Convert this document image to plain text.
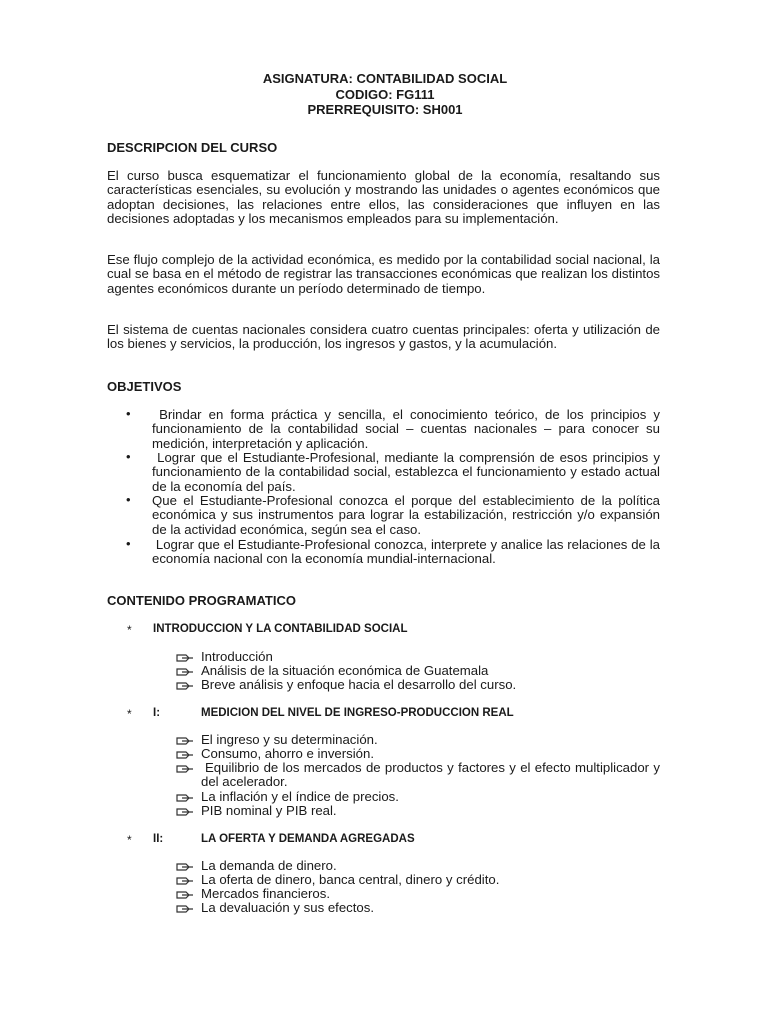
ASIGNATURA: CONTABILIDAD SOCIAL
CODIGO: FG111
PRERREQUISITO: SH001
DESCRIPCION DEL CURSO
El curso busca esquematizar el funcionamiento global de la economía, resaltando sus características esenciales, su evolución y mostrando las unidades o agentes económicos que adoptan decisiones, las relaciones entre ellos, las consideraciones que influyen en las decisiones adoptadas y los mecanismos empleados para su implementación.
Ese flujo complejo de la actividad económica, es medido por la contabilidad social nacional, la cual se basa en el método de registrar las transacciones económicas que realizan los distintos agentes económicos durante un período determinado de tiempo.
El sistema de cuentas nacionales considera cuatro cuentas principales: oferta y utilización de los bienes y servicios, la producción, los ingresos y gastos, y la acumulación.
OBJETIVOS
•	Brindar en forma práctica y sencilla, el conocimiento teórico, de los principios y funcionamiento de la contabilidad social – cuentas nacionales – para conocer su medición, interpretación y aplicación.
•	Lograr que el Estudiante-Profesional, mediante la comprensión de esos principios y funcionamiento de la contabilidad social, establezca el funcionamiento y estado actual de la economía del país.
• Que el Estudiante-Profesional conozca el porque del establecimiento de la política económica y sus instrumentos para lograr la estabilización, restricción y/o expansión de la actividad económica, según sea el caso.
• Lograr que el Estudiante-Profesional conozca, interprete y analice las relaciones de la economía nacional con la economía mundial-internacional.
CONTENIDO PROGRAMATICO
* INTRODUCCION Y LA CONTABILIDAD SOCIAL
Introducción
Análisis de la situación económica de Guatemala
Breve análisis y enfoque hacia el desarrollo del curso.
* I:	MEDICION DEL NIVEL DE INGRESO-PRODUCCION REAL
El ingreso y su determinación.
Consumo, ahorro e inversión.
Equilibrio de los mercados de productos y factores y el efecto multiplicador y del acelerador.
La inflación y el índice de precios.
PIB nominal y PIB real.
* II:	LA OFERTA Y DEMANDA AGREGADAS
La demanda de dinero.
La oferta de dinero, banca central, dinero y crédito.
Mercados financieros.
La devaluación y sus efectos.
